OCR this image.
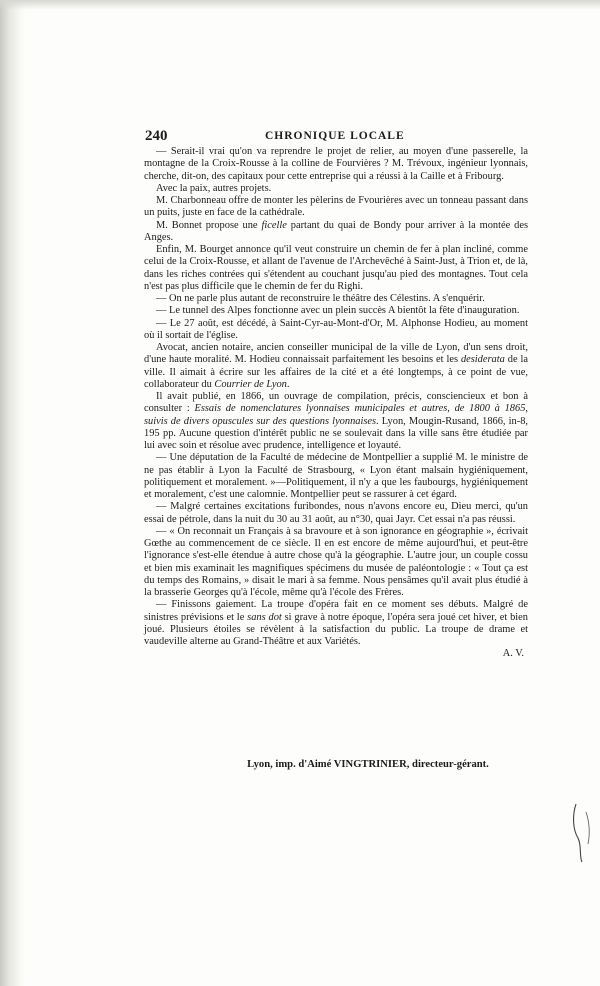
240	CHRONIQUE LOCALE

— Serait-il vrai qu'on va reprendre le projet de relier, au moyen d'une passerelle, la montagne de la Croix-Rousse à la colline de Fourvières ? M. Trévoux, ingénieur lyonnais, cherche, dit-on, des capitaux pour cette entreprise qui a réussi à la Caille et à Fribourg.

Avec la paix, autres projets.

M. Charbonneau offre de monter les pèlerins de Fvourières avec un tonneau passant dans un puits, juste en face de la cathédrale.

M. Bonnet propose une ficelle partant du quai de Bondy pour arriver à la montée des Anges.

Enfin, M. Bourget annonce qu'il veut construire un chemin de fer à plan incliné, comme celui de la Croix-Rousse, et allant de l'avenue de l'Archevêché à Saint-Just, à Trion et, de là, dans les riches contrées qui s'étendent au couchant jusqu'au pied des montagnes. Tout cela n'est pas plus difficile que le chemin de fer du Righi.

— On ne parle plus autant de reconstruire le théâtre des Célestins. A s'enquérir.

— Le tunnel des Alpes fonctionne avec un plein succès A bientôt la fête d'inauguration.

— Le 27 août, est décédé, à Saint-Cyr-au-Mont-d'Or, M. Alphonse Hodieu, au moment où il sortait de l'église.

Avocat, ancien notaire, ancien conseiller municipal de la ville de Lyon, d'un sens droit, d'une haute moralité. M. Hodieu connaissait parfaitement les besoins et les desiderata de la ville. Il aimait à écrire sur les affaires de la cité et a été longtemps, à ce point de vue, collaborateur du Courrier de Lyon.

Il avait publié, en 1866, un ouvrage de compilation, précis, consciencieux et bon à consulter : Essais de nomenclatures lyonnaises municipales et autres, de 1800 à 1865, suivis de divers opuscules sur des questions lyonnaises. Lyon, Mougin-Rusand, 1866, in-8, 195 pp. Aucune question d'intérêt public ne se soulevait dans la ville sans être étudiée par lui avec soin et résolue avec prudence, intelligence et loyauté.

— Une députation de la Faculté de médecine de Montpellier a supplié M. le ministre de ne pas établir à Lyon la Faculté de Strasbourg, « Lyon étant malsain hygiéniquement, politiquement et moralement. »—Politiquement, il n'y a que les faubourgs, hygiéniquement et moralement, c'est une calomnie. Montpellier peut se rassurer à cet égard.

— Malgré certaines excitations furibondes, nous n'avons encore eu, Dieu merci, qu'un essai de pétrole, dans la nuit du 30 au 31 août, au n°30, quai Jayr. Cet essai n'a pas réussi.

— « On reconnait un Français à sa bravoure et à son ignorance en géographie », écrivait Gœthe au commencement de ce siècle. Il en est encore de même aujourd'hui, et peut-être l'ignorance s'est-elle étendue à autre chose qu'à la géographie. L'autre jour, un couple cossu et bien mis examinait les magnifiques spécimens du musée de paléontologie : « Tout ça est du temps des Romains, » disait le mari à sa femme. Nous pensâmes qu'il avait plus étudié à la brasserie Georges qu'à l'école, même qu'à l'école des Frères.

— Finissons gaiement. La troupe d'opéra fait en ce moment ses débuts. Malgré de sinistres prévisions et le sans dot si grave à notre époque, l'opéra sera joué cet hiver, et bien joué. Plusieurs étoiles se révèlent à la satisfaction du public. La troupe de drame et vaudeville alterne au Grand-Théâtre et aux Variétés.

A. V.
Lyon, imp. d'Aimé VINGTRINIER, directeur-gérant.
